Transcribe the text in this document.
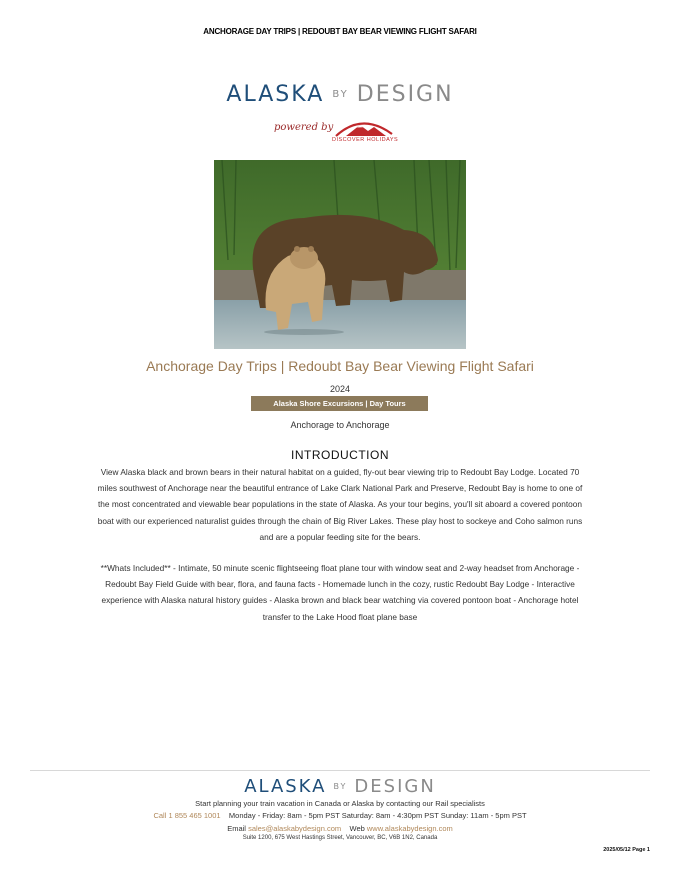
ANCHORAGE DAY TRIPS | REDOUBT BAY BEAR VIEWING FLIGHT SAFARI
ALASKA BY DESIGN
powered by
DISCOVER HOLIDAYS
Anchorage Day Trips | Redoubt Bay Bear Viewing Flight Safari
2024
Alaska Shore Excursions | Day Tours
Anchorage to Anchorage
INTRODUCTION
View Alaska black and brown bears in their natural habitat on a guided, fly-out bear viewing trip to Redoubt Bay Lodge. Located 70 miles southwest of Anchorage near the beautiful entrance of Lake Clark National Park and Preserve, Redoubt Bay is home to one of the most concentrated and viewable bear populations in the state of Alaska. As your tour begins, you'll sit aboard a covered pontoon boat with our experienced naturalist guides through the chain of Big River Lakes. These play host to sockeye and Coho salmon runs and are a popular feeding site for the bears.
**Whats Included** - Intimate, 50 minute scenic flightseeing float plane tour with window seat and 2-way headset from Anchorage - Redoubt Bay Field Guide with bear, flora, and fauna facts - Homemade lunch in the cozy, rustic Redoubt Bay Lodge - Interactive experience with Alaska natural history guides - Alaska brown and black bear watching via covered pontoon boat - Anchorage hotel transfer to the Lake Hood float plane base
ALASKA BY DESIGN
Start planning your train vacation in Canada or Alaska by contacting our Rail specialists
Call 1 855 465 1001 Monday - Friday: 8am - 5pm PST Saturday: 8am - 4:30pm PST Sunday: 11am - 5pm PST
Email sales@alaskabydesign.com Web www.alaskabydesign.com
Suite 1200, 675 West Hastings Street, Vancouver, BC, V6B 1N2, Canada
2025/05/12 Page 1
